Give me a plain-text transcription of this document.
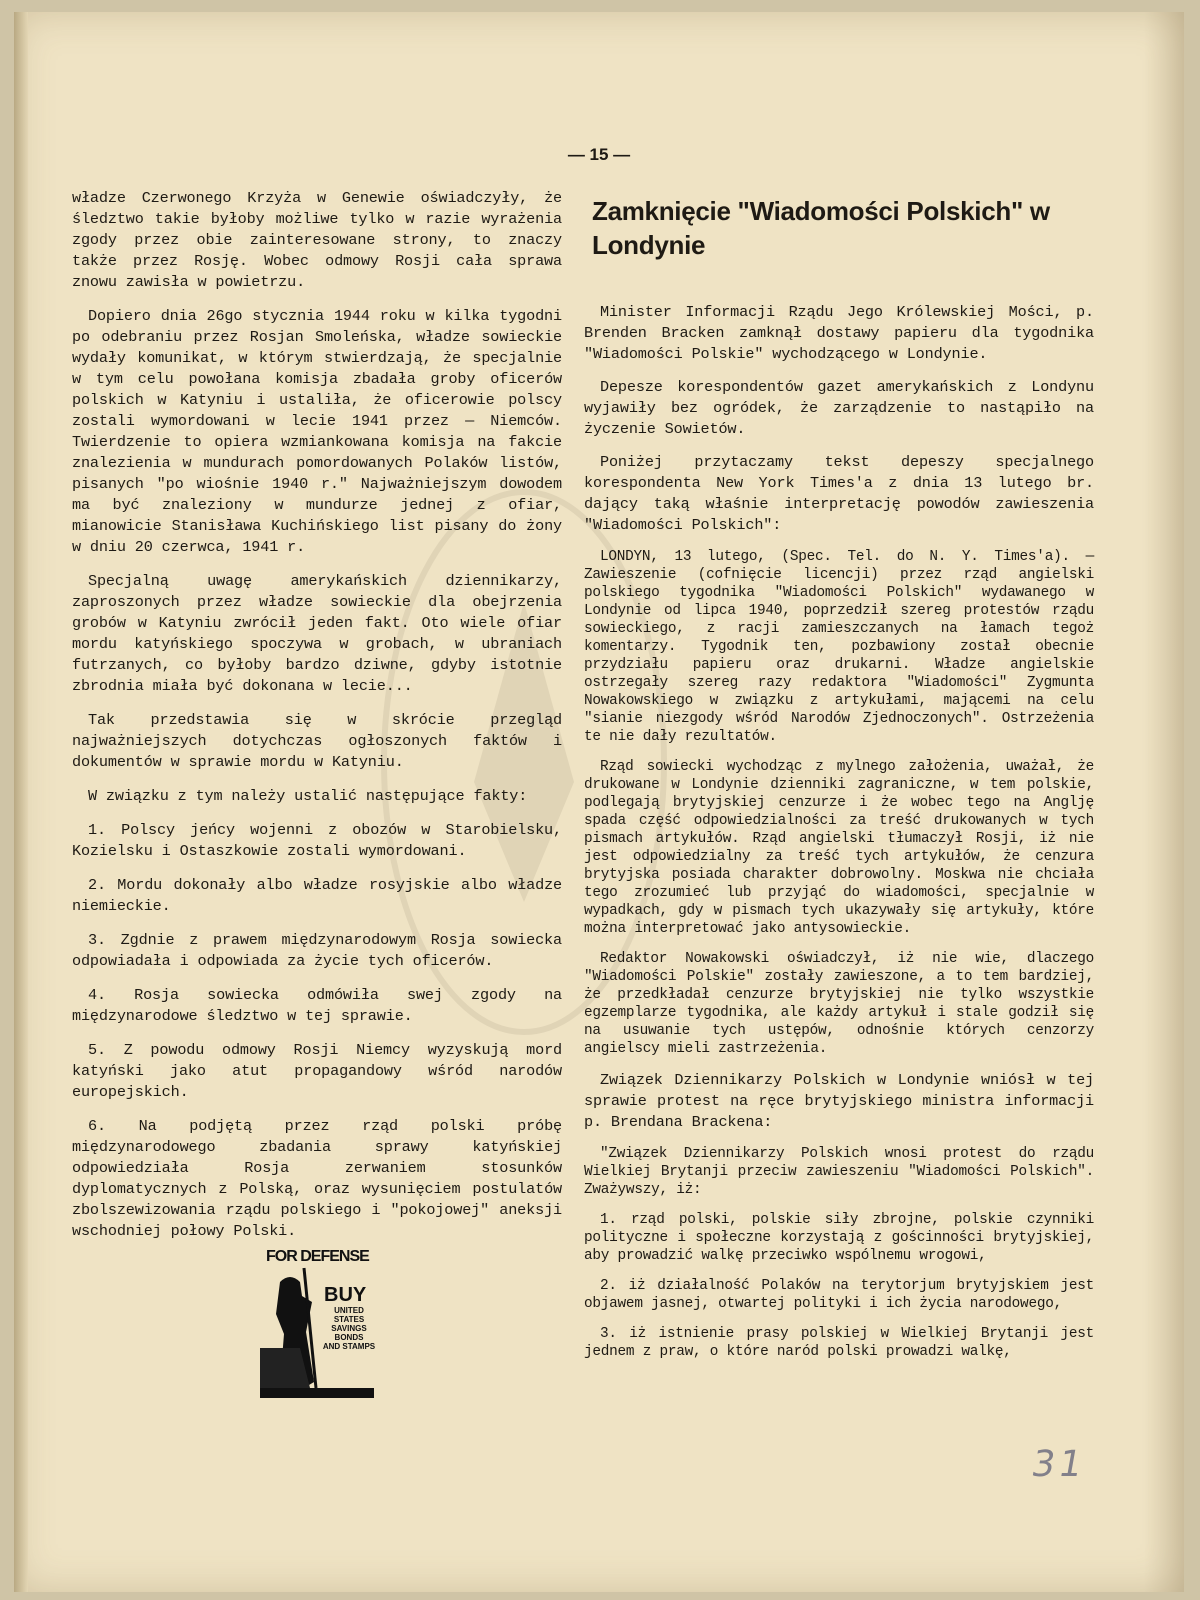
— 15 —

władze Czerwonego Krzyża w Genewie oświadczyły, że śledztwo takie byłoby możliwe tylko w razie wyrażenia zgody przez obie zainteresowane strony, to znaczy także przez Rosję. Wobec odmowy Rosji cała sprawa znowu zawisła w powietrzu.

Dopiero dnia 26go stycznia 1944 roku w kilka tygodni po odebraniu przez Rosjan Smoleńska, władze sowieckie wydały komunikat, w którym stwierdzają, że specjalnie w tym celu powołana komisja zbadała groby oficerów polskich w Katyniu i ustaliła, że oficerowie polscy zostali wymordowani w lecie 1941 przez — Niemców. Twierdzenie to opiera wzmiankowana komisja na fakcie znalezienia w mundurach pomordowanych Polaków listów, pisanych "po wiośnie 1940 r." Najważniejszym dowodem ma być znaleziony w mundurze jednej z ofiar, mianowicie Stanisława Kuchińskiego list pisany do żony w dniu 20 czerwca, 1941 r.

Specjalną uwagę amerykańskich dziennikarzy, zaproszonych przez władze sowieckie dla obejrzenia grobów w Katyniu zwrócił jeden fakt. Oto wiele ofiar mordu katyńskiego spoczywa w grobach, w ubraniach futrzanych, co byłoby bardzo dziwne, gdyby istotnie zbrodnia miała być dokonana w lecie...

Tak przedstawia się w skrócie przegląd najważniejszych dotychczas ogłoszonych faktów i dokumentów w sprawie mordu w Katyniu.

W związku z tym należy ustalić następujące fakty:

1. Polscy jeńcy wojenni z obozów w Starobielsku, Kozielsku i Ostaszkowie zostali wymordowani.

2. Mordu dokonały albo władze rosyjskie albo władze niemieckie.

3. Zgdnie z prawem międzynarodowym Rosja sowiecka odpowiadała i odpowiada za życie tych oficerów.

4. Rosja sowiecka odmówiła swej zgody na międzynarodowe śledztwo w tej sprawie.

5. Z powodu odmowy Rosji Niemcy wyzyskują mord katyński jako atut propagandowy wśród narodów europejskich.

6. Na podjętą przez rząd polski próbę międzynarodowego zbadania sprawy katyńskiej odpowiedziała Rosja zerwaniem stosunków dyplomatycznych z Polską, oraz wysunięciem postulatów zbolszewizowania rządu polskiego i "pokojowej" aneksji wschodniej połowy Polski.

FOR DEFENSE
BUY
UNITED
STATES
SAVINGS
BONDS
AND STAMPS
Zamknięcie "Wiadomości Polskich" w Londynie

Minister Informacji Rządu Jego Królewskiej Mości, p. Brenden Bracken zamknął dostawy papieru dla tygodnika "Wiadomości Polskie" wychodzącego w Londynie.

Depesze korespondentów gazet amerykańskich z Londynu wyjawiły bez ogródek, że zarządzenie to nastąpiło na życzenie Sowietów.

Poniżej przytaczamy tekst depeszy specjalnego korespondenta New York Times'a z dnia 13 lutego br. dający taką właśnie interpretację powodów zawieszenia "Wiadomości Polskich":

LONDYN, 13 lutego, (Spec. Tel. do N. Y. Times'a). — Zawieszenie (cofnięcie licencji) przez rząd angielski polskiego tygodnika "Wiadomości Polskich" wydawanego w Londynie od lipca 1940, poprzedził szereg protestów rządu sowieckiego, z racji zamieszczanych na łamach tegoż komentarzy. Tygodnik ten, pozbawiony został obecnie przydziału papieru oraz drukarni. Władze angielskie ostrzegały szereg razy redaktora "Wiadomości" Zygmunta Nowakowskiego w związku z artykułami, mającemi na celu "sianie niezgody wśród Narodów Zjednoczonych". Ostrzeżenia te nie dały rezultatów.

Rząd sowiecki wychodząc z mylnego założenia, uważał, że drukowane w Londynie dzienniki zagraniczne, w tem polskie, podlegają brytyjskiej cenzurze i że wobec tego na Anglję spada część odpowiedzialności za treść drukowanych w tych pismach artykułów. Rząd angielski tłumaczył Rosji, iż nie jest odpowiedzialny za treść tych artykułów, że cenzura brytyjska posiada charakter dobrowolny. Moskwa nie chciała tego zrozumieć lub przyjąć do wiadomości, specjalnie w wypadkach, gdy w pismach tych ukazywały się artykuły, które można interpretować jako antysowieckie.

Redaktor Nowakowski oświadczył, iż nie wie, dlaczego "Wiadomości Polskie" zostały zawieszone, a to tem bardziej, że przedkładał cenzurze brytyjskiej nie tylko wszystkie egzemplarze tygodnika, ale każdy artykuł i stale godził się na usuwanie tych ustępów, odnośnie których cenzorzy angielscy mieli zastrzeżenia.

Związek Dziennikarzy Polskich w Londynie wniósł w tej sprawie protest na ręce brytyjskiego ministra informacji p. Brendana Brackena:

"Związek Dziennikarzy Polskich wnosi protest do rządu Wielkiej Brytanji przeciw zawieszeniu "Wiadomości Polskich". Zważywszy, iż:

1. rząd polski, polskie siły zbrojne, polskie czynniki polityczne i społeczne korzystają z gościnności brytyjskiej, aby prowadzić walkę przeciwko wspólnemu wrogowi,

2. iż działalność Polaków na terytorjum brytyjskiem jest objawem jasnej, otwartej polityki i ich życia narodowego,

3. iż istnienie prasy polskiej w Wielkiej Brytanji jest jednem z praw, o które naród polski prowadzi walkę,

31
